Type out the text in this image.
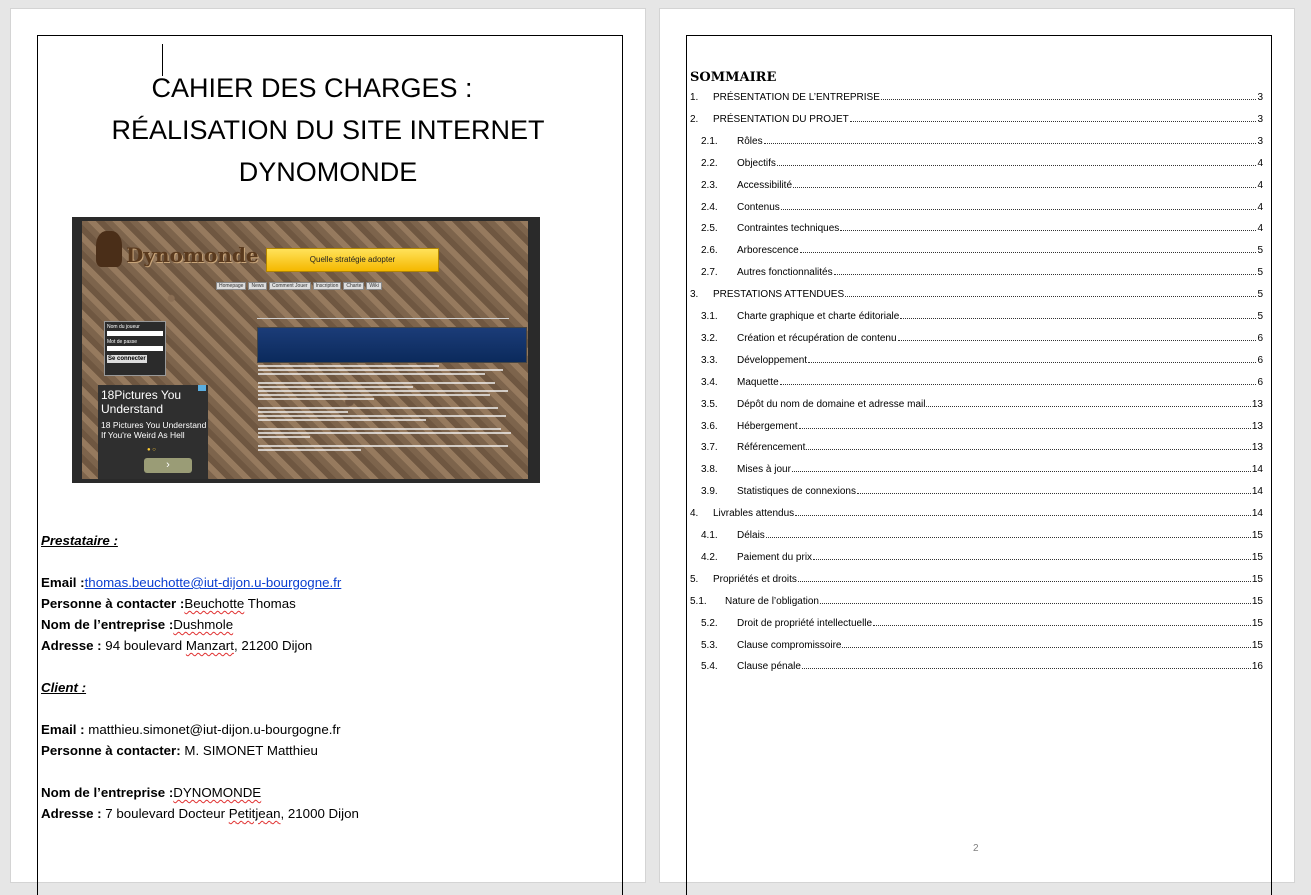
CAHIER DES CHARGES :
RÉALISATION DU SITE INTERNET
DYNOMONDE
Dynomonde	Quelle stratégie adopter
Homepage	News	Comment Jouer	Inscription	Charte	Wiki
Nom du joueur
Mot de passe
Se connecter
18Pictures You Understand
18 Pictures You Understand If You're Weird As Hell
● ○
›
Prestataire :
Email :thomas.beuchotte@iut-dijon.u-bourgogne.fr
Personne à contacter :Beuchotte Thomas
Nom de l’entreprise :Dushmole
Adresse : 94 boulevard Manzart, 21200 Dijon
Client :
Email : matthieu.simonet@iut-dijon.u-bourgogne.fr
Personne à contacter: M. SIMONET Matthieu
Nom de l’entreprise :DYNOMONDE
Adresse : 7 boulevard Docteur Petitjean, 21000 Dijon
SOMMAIRE
1.	PRÉSENTATION DE L’ENTREPRISE	3
2.	PRÉSENTATION DU PROJET	3
2.1.	Rôles	3
2.2.	Objectifs	4
2.3.	Accessibilité	4
2.4.	Contenus	4
2.5.	Contraintes techniques	4
2.6.	Arborescence	5
2.7.	Autres fonctionnalités	5
3.	PRESTATIONS ATTENDUES	5
3.1.	Charte graphique et charte éditoriale	5
3.2.	Création et récupération de contenu	6
3.3.	Développement	6
3.4.	Maquette	6
3.5.	Dépôt du nom de domaine et adresse mail	13
3.6.	Hébergement	13
3.7.	Référencement	13
3.8.	Mises à jour	14
3.9.	Statistiques de connexions	14
4.	Livrables attendus	14
4.1.	Délais	15
4.2.	Paiement du prix	15
5.	Propriétés et droits	15
5.1.	Nature de l’obligation	15
5.2.	Droit de propriété intellectuelle	15
5.3.	Clause compromissoire	15
5.4.	Clause pénale	16
2
